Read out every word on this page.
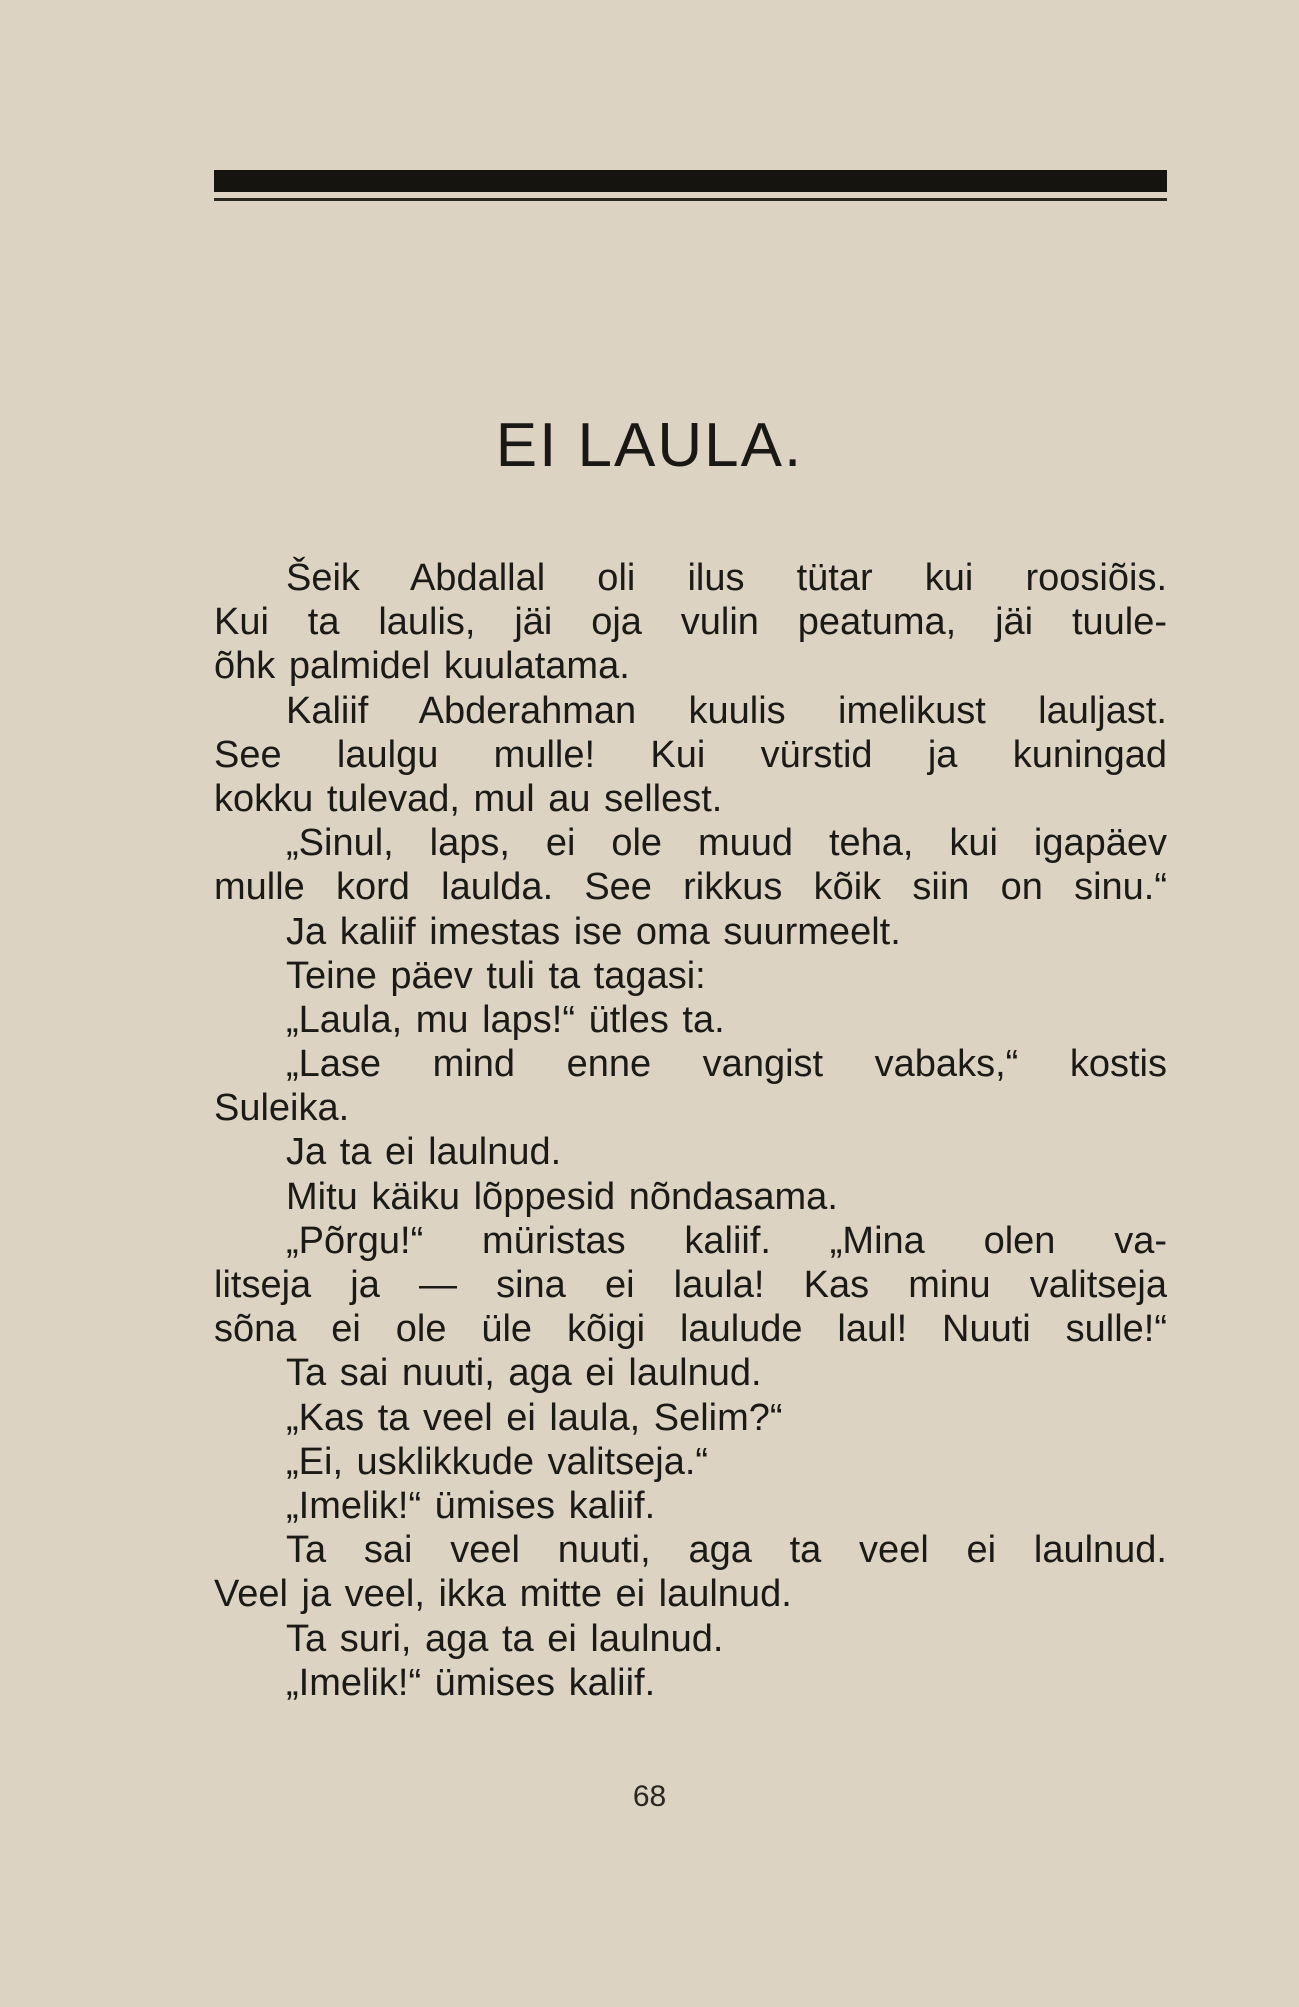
EI LAULA.
Šeik Abdallal oli ilus tütar kui roosiõis.
Kui ta laulis, jäi oja vulin peatuma, jäi tuule-
õhk palmidel kuulatama.
Kaliif Abderahman kuulis imelikust lauljast.
See laulgu mulle! Kui vürstid ja kuningad
kokku tulevad, mul au sellest.
„Sinul, laps, ei ole muud teha, kui igapäev
mulle kord laulda. See rikkus kõik siin on sinu.“
Ja kaliif imestas ise oma suurmeelt.
Teine päev tuli ta tagasi:
„Laula, mu laps!“ ütles ta.
„Lase mind enne vangist vabaks,“ kostis
Suleika.
Ja ta ei laulnud.
Mitu käiku lõppesid nõndasama.
„Põrgu!“ müristas kaliif. „Mina olen va-
litseja ja — sina ei laula! Kas minu valitseja
sõna ei ole üle kõigi laulude laul! Nuuti sulle!“
Ta sai nuuti, aga ei laulnud.
„Kas ta veel ei laula, Selim?“
„Ei, usklikkude valitseja.“
„Imelik!“ ümises kaliif.
Ta sai veel nuuti, aga ta veel ei laulnud.
Veel ja veel, ikka mitte ei laulnud.
Ta suri, aga ta ei laulnud.
„Imelik!“ ümises kaliif.
68
